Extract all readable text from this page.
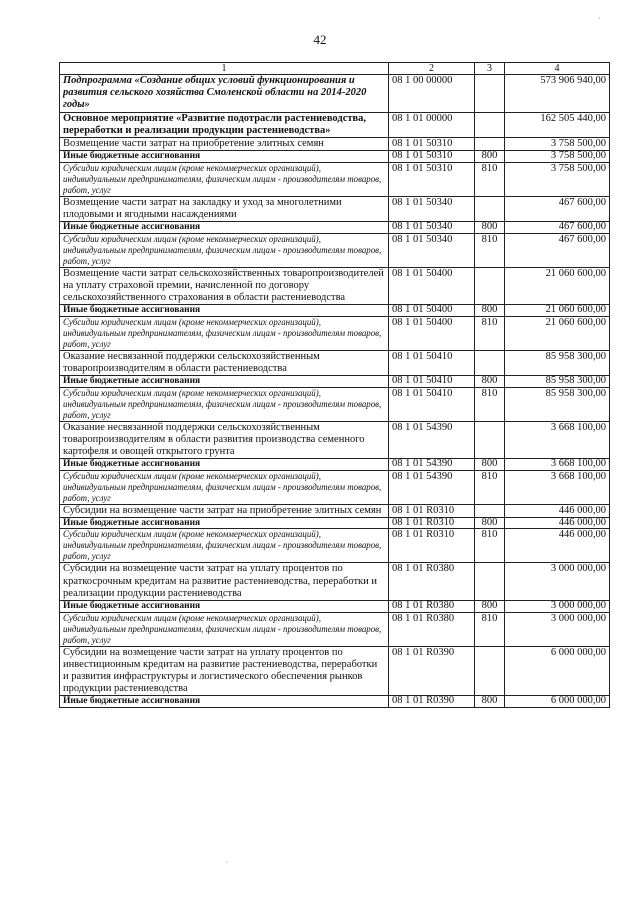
42
·
·
1	2	3	4
Подпрограмма «Создание общих условий функционирования и развития сельского хозяйства Смоленской области на 2014-2020 годы»	08 1 00 00000		573 906 940,00
Основное мероприятие «Развитие подотрасли растениеводства, переработки и реализации продукции растениеводства»	08 1 01 00000		162 505 440,00
Возмещение части затрат на приобретение элитных семян	08 1 01 50310		3 758 500,00
Иные бюджетные ассигнования	08 1 01 50310	800	3 758 500,00
Субсидии юридическим лицам (кроме некоммерческих организаций), индивидуальным предпринимателям, физическим лицам - производителям товаров, работ, услуг	08 1 01 50310	810	3 758 500,00
Возмещение части затрат на закладку и уход за многолетними плодовыми и ягодными насаждениями	08 1 01 50340		467 600,00
Иные бюджетные ассигнования	08 1 01 50340	800	467 600,00
Субсидии юридическим лицам (кроме некоммерческих организаций), индивидуальным предпринимателям, физическим лицам - производителям товаров, работ, услуг	08 1 01 50340	810	467 600,00
Возмещение части затрат сельскохозяйственных товаропроизводителей на уплату страховой премии, начисленной по договору сельскохозяйственного страхования в области растениеводства	08 1 01 50400		21 060 600,00
Иные бюджетные ассигнования	08 1 01 50400	800	21 060 600,00
Субсидии юридическим лицам (кроме некоммерческих организаций), индивидуальным предпринимателям, физическим лицам - производителям товаров, работ, услуг	08 1 01 50400	810	21 060 600,00
Оказание несвязанной поддержки сельскохозяйственным товаропроизводителям в области растениеводства	08 1 01 50410		85 958 300,00
Иные бюджетные ассигнования	08 1 01 50410	800	85 958 300,00
Субсидии юридическим лицам (кроме некоммерческих организаций), индивидуальным предпринимателям, физическим лицам - производителям товаров, работ, услуг	08 1 01 50410	810	85 958 300,00
Оказание несвязанной поддержки сельскохозяйственным товаропроизводителям в области развития производства семенного картофеля и овощей открытого грунта	08 1 01 54390		3 668 100,00
Иные бюджетные ассигнования	08 1 01 54390	800	3 668 100,00
Субсидии юридическим лицам (кроме некоммерческих организаций), индивидуальным предпринимателям, физическим лицам - производителям товаров, работ, услуг	08 1 01 54390	810	3 668 100,00
Субсидии на возмещение части затрат на приобретение элитных семян	08 1 01 R0310		446 000,00
Иные бюджетные ассигнования	08 1 01 R0310	800	446 000,00
Субсидии юридическим лицам (кроме некоммерческих организаций), индивидуальным предпринимателям, физическим лицам - производителям товаров, работ, услуг	08 1 01 R0310	810	446 000,00
Субсидии на возмещение части затрат на уплату процентов по краткосрочным кредитам на развитие растениеводства, переработки и реализации продукции растениеводства	08 1 01 R0380		3 000 000,00
Иные бюджетные ассигнования	08 1 01 R0380	800	3 000 000,00
Субсидии юридическим лицам (кроме некоммерческих организаций), индивидуальным предпринимателям, физическим лицам - производителям товаров, работ, услуг	08 1 01 R0380	810	3 000 000,00
Субсидии на возмещение части затрат на уплату процентов по инвестиционным кредитам на развитие растениеводства, переработки и развития инфраструктуры и логистического обеспечения рынков продукции растениеводства	08 1 01 R0390		6 000 000,00
Иные бюджетные ассигнования	08 1 01 R0390	800	6 000 000,00
